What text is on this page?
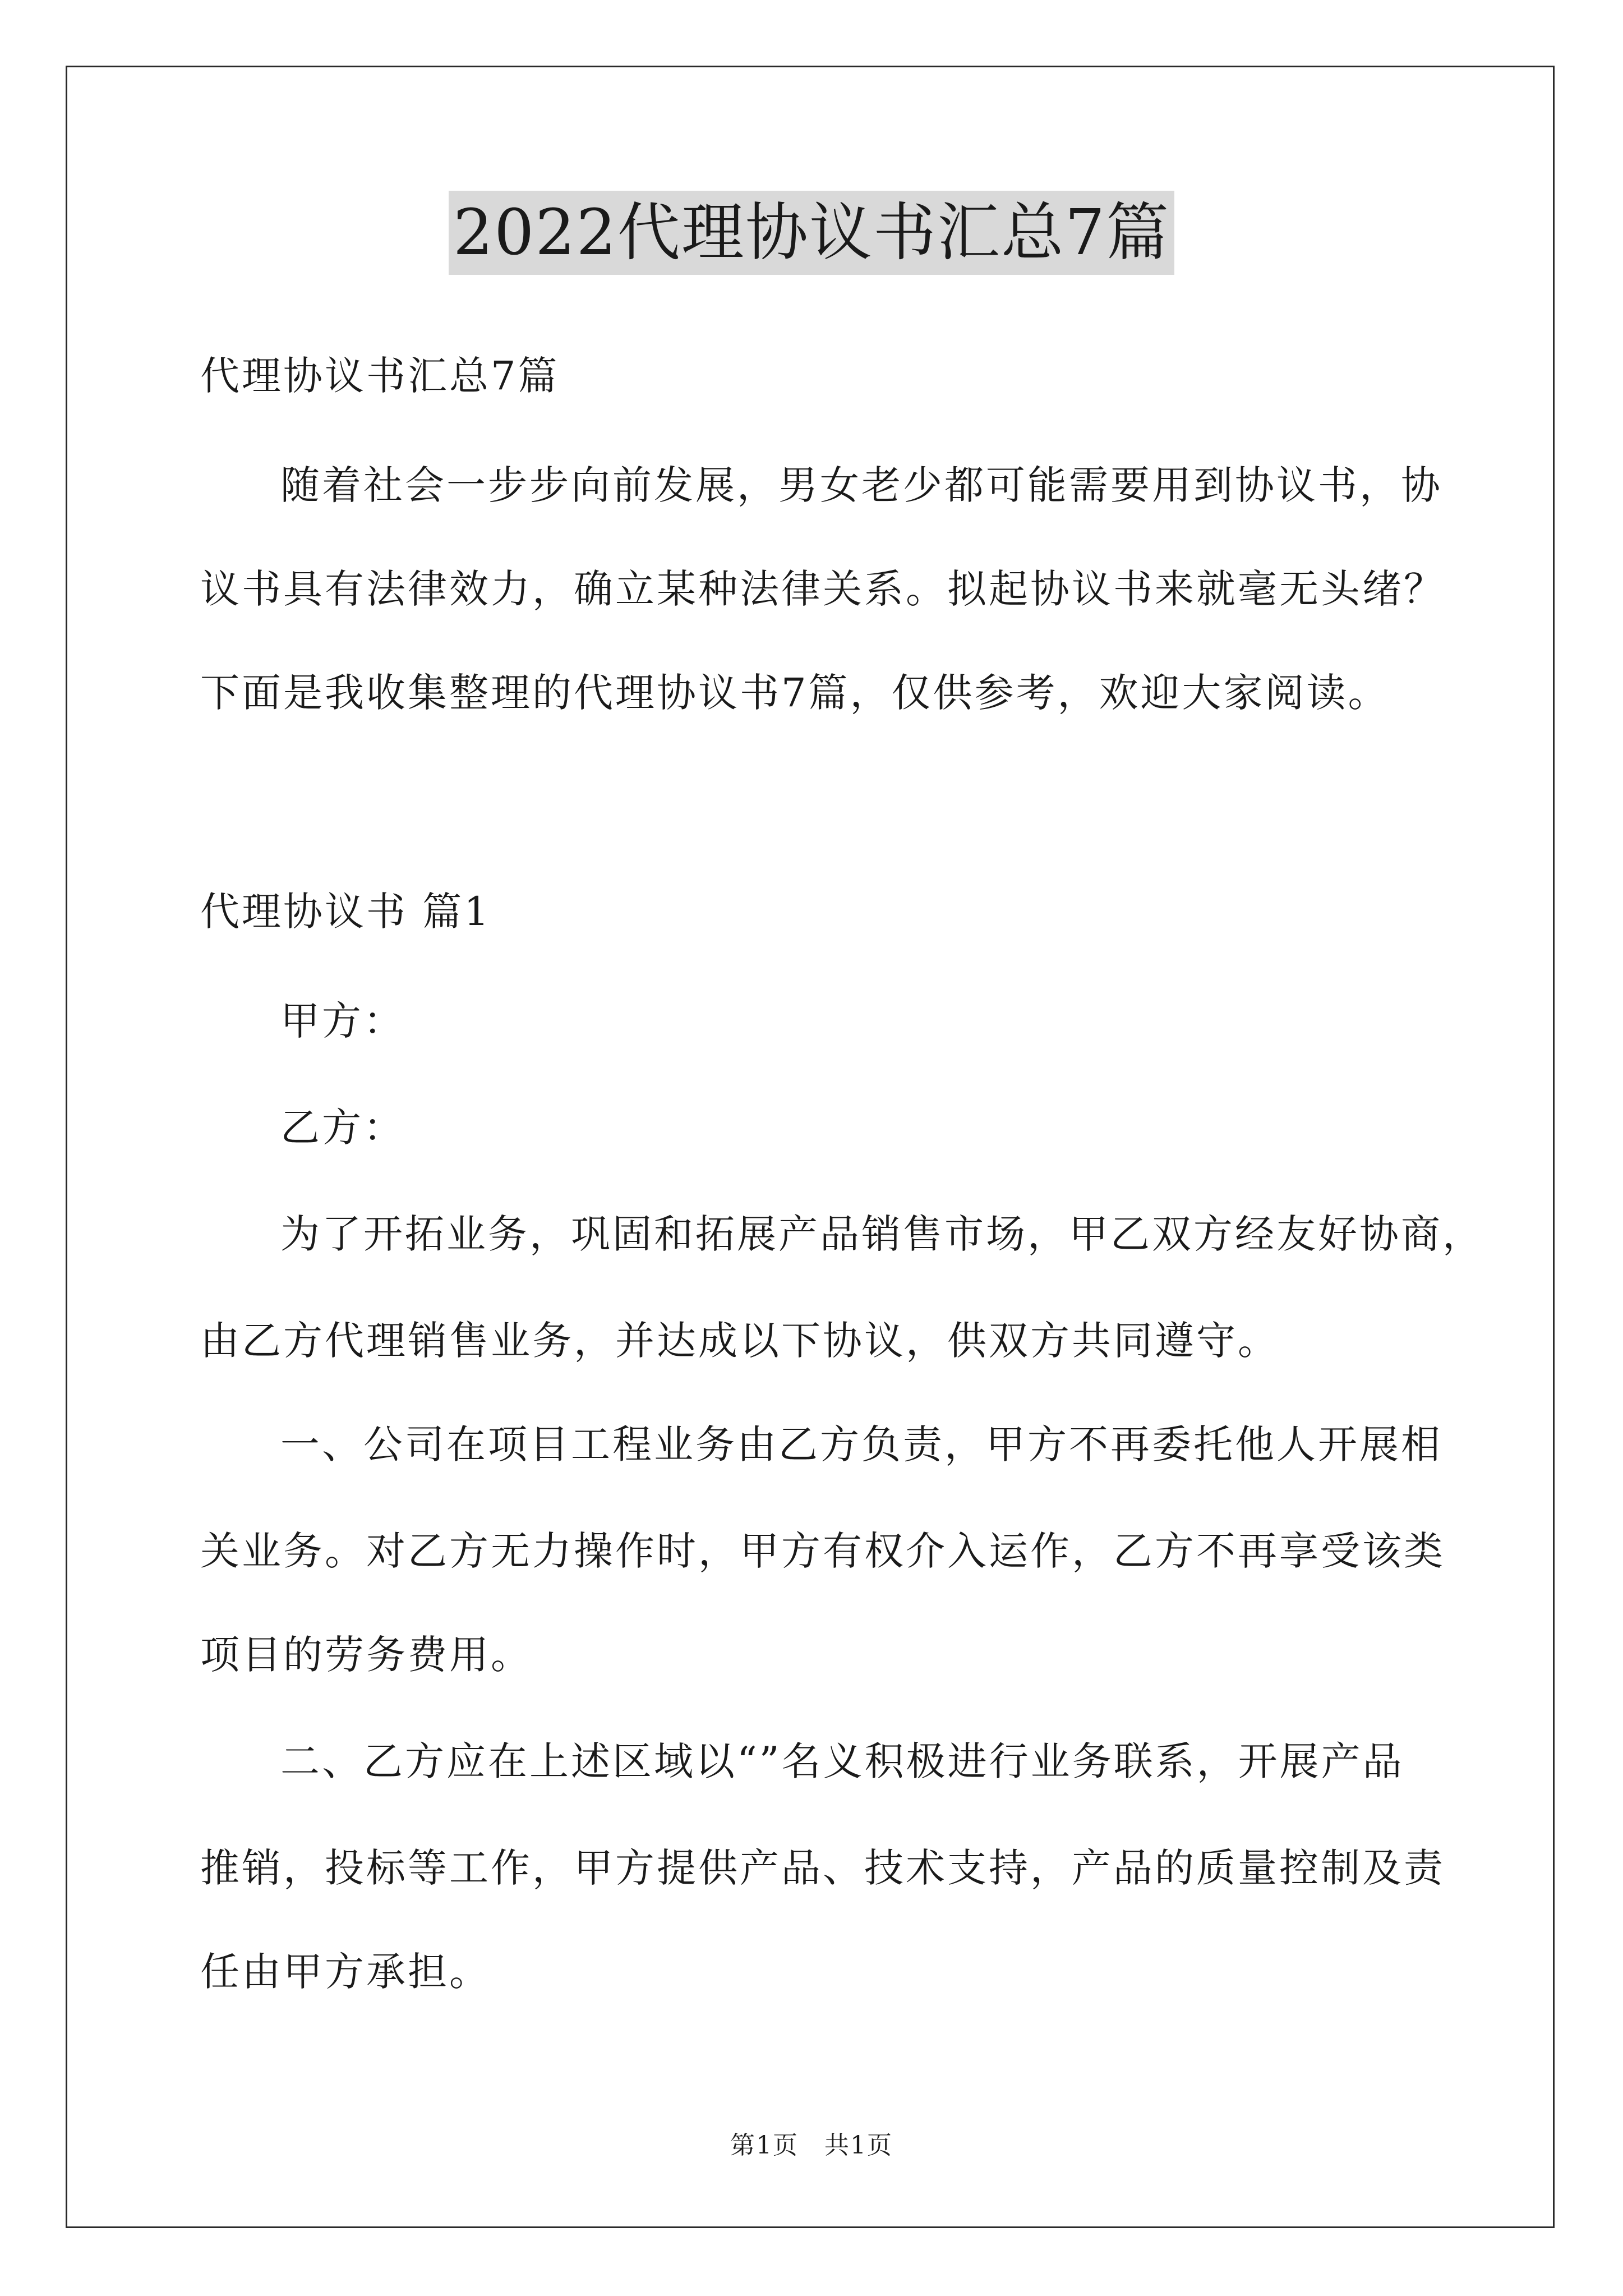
2022代理协议书汇总7篇
代理协议书汇总7篇
随着社会一步步向前发展，男女老少都可能需要用到协议书，协
议书具有法律效力，确立某种法律关系。拟起协议书来就毫无头绪？
下面是我收集整理的代理协议书7篇，仅供参考，欢迎大家阅读。
代理协议书 篇1
甲方：
乙方：
为了开拓业务，巩固和拓展产品销售市场，甲乙双方经友好协商，
由乙方代理销售业务，并达成以下协议，供双方共同遵守。
一、公司在项目工程业务由乙方负责，甲方不再委托他人开展相
关业务。对乙方无力操作时，甲方有权介入运作，乙方不再享受该类
项目的劳务费用。
二、乙方应在上述区域以“”名义积极进行业务联系，开展产品
推销，投标等工作，甲方提供产品、技术支持，产品的质量控制及责
任由甲方承担。
第1页　共1页
